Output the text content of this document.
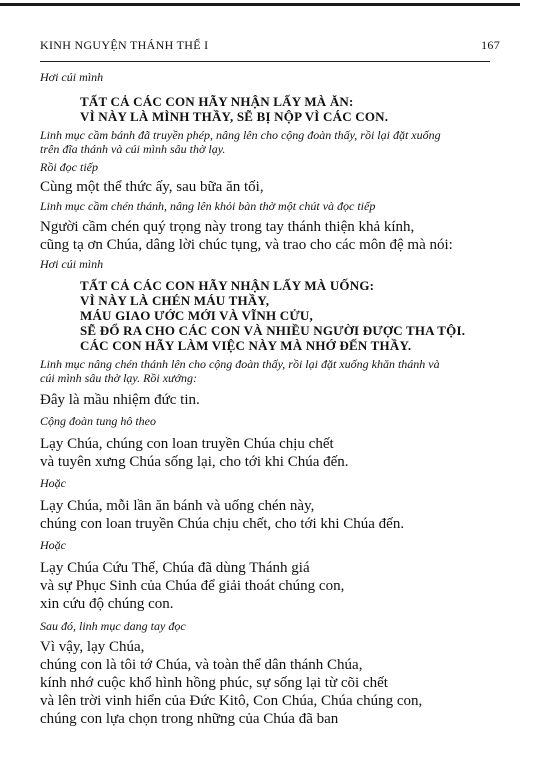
KINH NGUYỆN THÁNH THỂ I	167
Hơi cúi mình
TẤT CẢ CÁC CON HÃY NHẬN LẤY MÀ ĂN:
VÌ NÀY LÀ MÌNH THẦY, SẼ BỊ NỘP VÌ CÁC CON.
Linh mục cầm bánh đã truyền phép, nâng lên cho cộng đoàn thấy, rồi lại đặt xuống
trên đĩa thánh và cúi mình sâu thờ lạy.
Rồi đọc tiếp
Cùng một thể thức ấy, sau bữa ăn tối,
Linh mục cầm chén thánh, nâng lên khỏi bàn thờ một chút và đọc tiếp
Người cầm chén quý trọng này trong tay thánh thiện khả kính,
cũng tạ ơn Chúa, dâng lời chúc tụng, và trao cho các môn đệ mà nói:
Hơi cúi mình
TẤT CẢ CÁC CON HÃY NHẬN LẤY MÀ UỐNG:
VÌ NÀY LÀ CHÉN MÁU THẦY,
MÁU GIAO ƯỚC MỚI VÀ VĨNH CỬU,
SẼ ĐỔ RA CHO CÁC CON VÀ NHIỀU NGƯỜI ĐƯỢC THA TỘI.
CÁC CON HÃY LÀM VIỆC NÀY MÀ NHỚ ĐẾN THẦY.
Linh mục nâng chén thánh lên cho cộng đoàn thấy, rồi lại đặt xuống khăn thánh và
cúi mình sâu thờ lạy. Rồi xướng:
Đây là mầu nhiệm đức tin.
Cộng đoàn tung hô theo
Lạy Chúa, chúng con loan truyền Chúa chịu chết
và tuyên xưng Chúa sống lại, cho tới khi Chúa đến.
Hoặc
Lạy Chúa, mỗi lần ăn bánh và uống chén này,
chúng con loan truyền Chúa chịu chết, cho tới khi Chúa đến.
Hoặc
Lạy Chúa Cứu Thế, Chúa đã dùng Thánh giá
và sự Phục Sinh của Chúa để giải thoát chúng con,
xin cứu độ chúng con.
Sau đó, linh mục dang tay đọc
Vì vậy, lạy Chúa,
chúng con là tôi tớ Chúa, và toàn thể dân thánh Chúa,
kính nhớ cuộc khổ hình hồng phúc, sự sống lại từ cõi chết
và lên trời vinh hiển của Đức Kitô, Con Chúa, Chúa chúng con,
chúng con lựa chọn trong những của Chúa đã ban
